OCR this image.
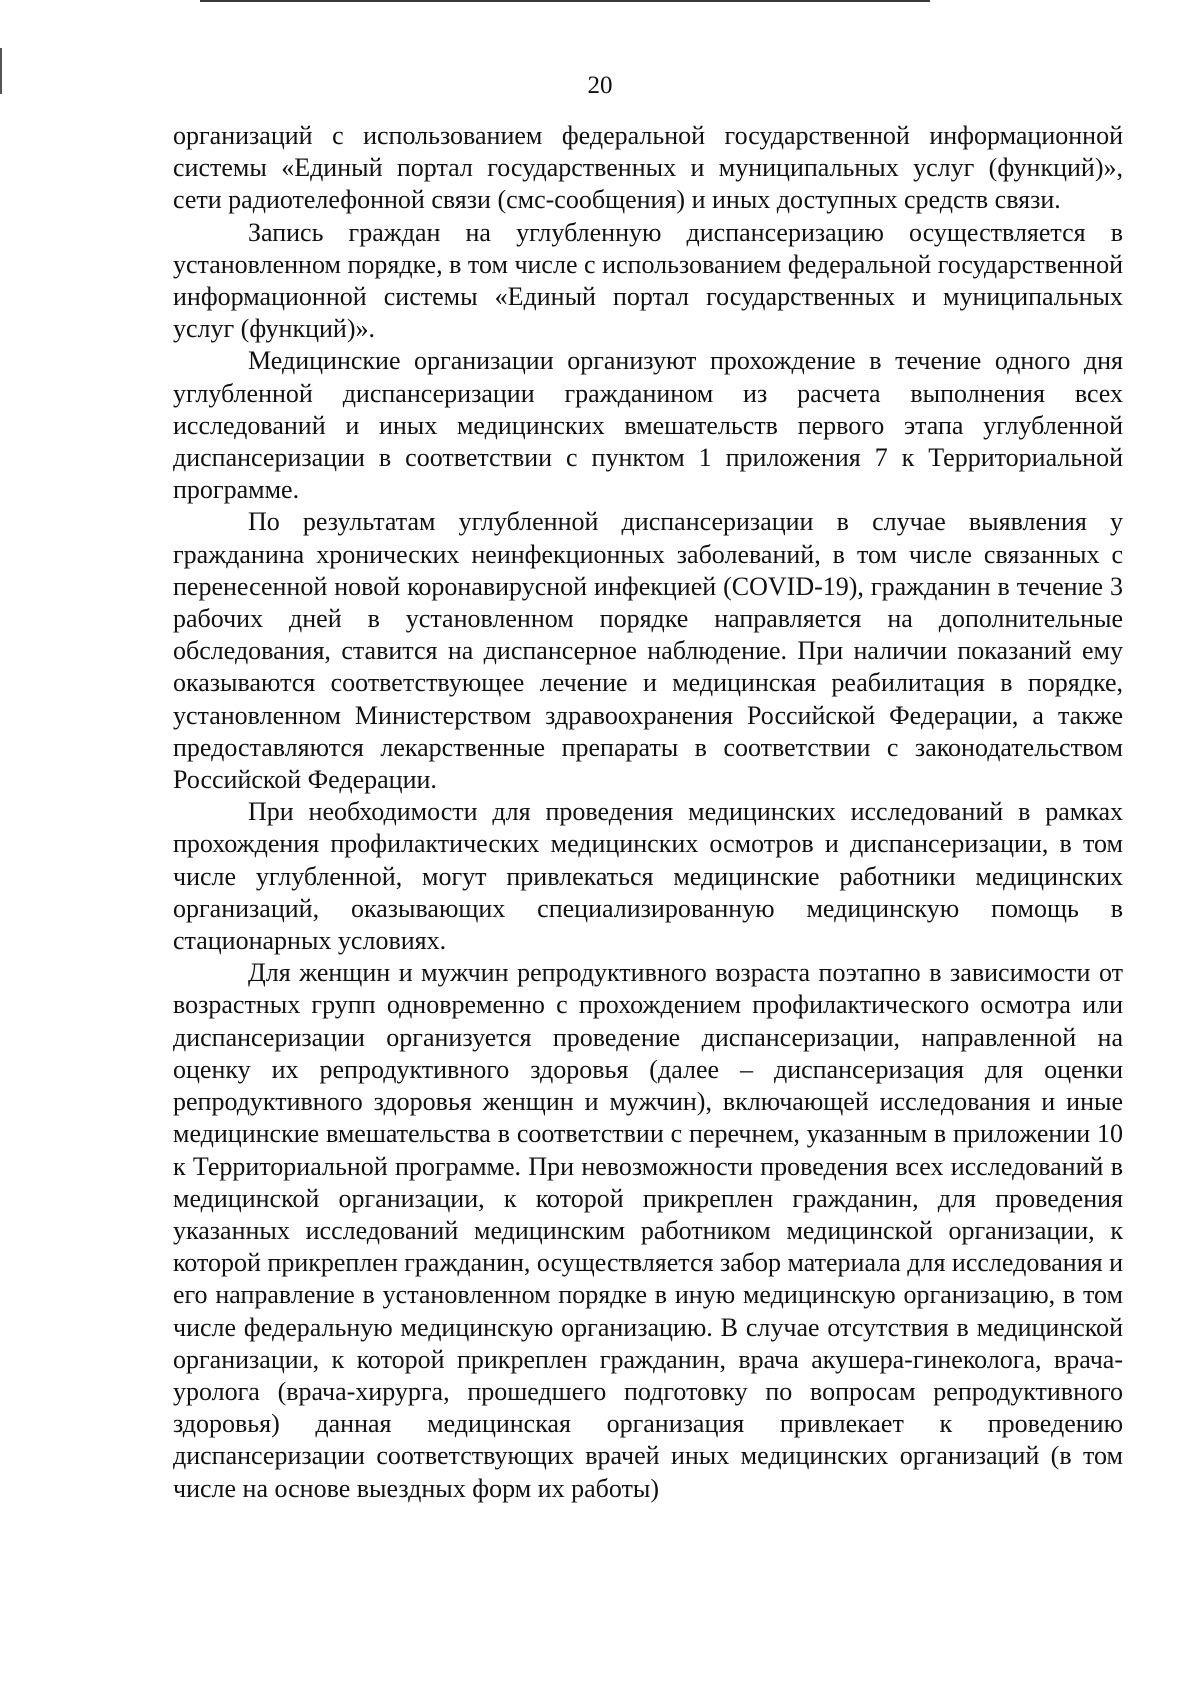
20

организаций с использованием федеральной государственной информационной системы «Единый портал государственных и муниципальных услуг (функций)», сети радиотелефонной связи (смс-сообщения) и иных доступных средств связи.

Запись граждан на углубленную диспансеризацию осуществляется в установленном порядке, в том числе с использованием федеральной государственной информационной системы «Единый портал государственных и муниципальных услуг (функций)».

Медицинские организации организуют прохождение в течение одного дня углубленной диспансеризации гражданином из расчета выполнения всех исследований и иных медицинских вмешательств первого этапа углубленной диспансеризации в соответствии с пунктом 1 приложения 7 к Территориальной программе.

По результатам углубленной диспансеризации в случае выявления у гражданина хронических неинфекционных заболеваний, в том числе связанных с перенесенной новой коронавирусной инфекцией (COVID-19), гражданин в течение 3 рабочих дней в установленном порядке направляется на дополнительные обследования, ставится на диспансерное наблюдение. При наличии показаний ему оказываются соответствующее лечение и медицинская реабилитация в порядке, установленном Министерством здравоохранения Российской Федерации, а также предоставляются лекарственные препараты в соответствии с законодательством Российской Федерации.

При необходимости для проведения медицинских исследований в рамках прохождения профилактических медицинских осмотров и диспансеризации, в том числе углубленной, могут привлекаться медицинские работники медицинских организаций, оказывающих специализированную медицинскую помощь в стационарных условиях.

Для женщин и мужчин репродуктивного возраста поэтапно в зависимости от возрастных групп одновременно с прохождением профилактического осмотра или диспансеризации организуется проведение диспансеризации, направленной на оценку их репродуктивного здоровья (далее – диспансеризация для оценки репродуктивного здоровья женщин и мужчин), включающей исследования и иные медицинские вмешательства в соответствии с перечнем, указанным в приложении 10 к Территориальной программе. При невозможности проведения всех исследований в медицинской организации, к которой прикреплен гражданин, для проведения указанных исследований медицинским работником медицинской организации, к которой прикреплен гражданин, осуществляется забор материала для исследования и его направление в установленном порядке в иную медицинскую организацию, в том числе федеральную медицинскую организацию. В случае отсутствия в медицинской организации, к которой прикреплен гражданин, врача акушера-гинеколога, врача-уролога (врача-хирурга, прошедшего подготовку по вопросам репродуктивного здоровья) данная медицинская организация привлекает к проведению диспансеризации соответствующих врачей иных медицинских организаций (в том числе на основе выездных форм их работы)
